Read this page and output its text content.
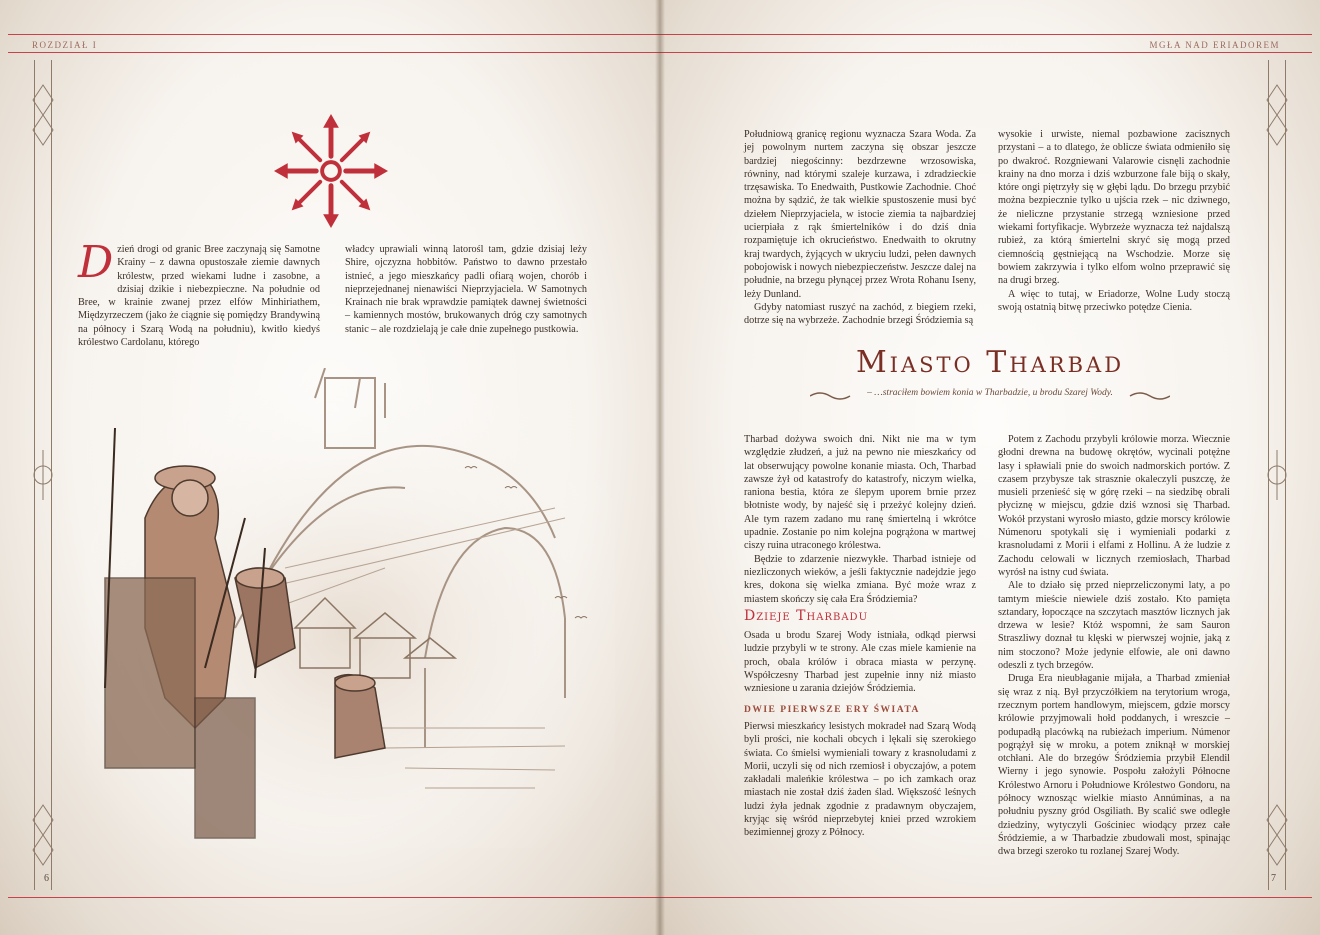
ROZDZIAŁ I

Dzień drogi od granic Bree zaczynają się Samotne Krainy – z dawna opustoszałe ziemie dawnych królestw, przed wiekami ludne i zasobne, a dzisiaj dzikie i niebezpieczne. Na południe od Bree, w krainie zwanej przez elfów Minhiriathem, Międzyrzeczem (jako że ciągnie się pomiędzy Brandywiną na północy i Szarą Wodą na południu), kwitło kiedyś królestwo Cardolanu, którego

władcy uprawiali winną latorośl tam, gdzie dzisiaj leży Shire, ojczyzna hobbitów. Państwo to dawno przestało istnieć, a jego mieszkańcy padli ofiarą wojen, chorób i nieprzejednanej nienawiści Nieprzyjaciela. W Samotnych Krainach nie brak wprawdzie pamiątek dawnej świetności – kamiennych mostów, brukowanych dróg czy samotnych stanic – ale rozdzielają je całe dnie zupełnego pustkowia.

6
MGŁA NAD ERIADOREM

Południową granicę regionu wyznacza Szara Woda. Za jej powolnym nurtem zaczyna się obszar jeszcze bardziej niegościnny: bezdrzewne wrzosowiska, równiny, nad którymi szaleje kurzawa, i zdradzieckie trzęsawiska. To Enedwaith, Pustkowie Zachodnie. Choć można by sądzić, że tak wielkie spustoszenie musi być dziełem Nieprzyjaciela, w istocie ziemia ta najbardziej ucierpiała z rąk śmiertelników i do dziś dnia rozpamiętuje ich okrucieństwo. Enedwaith to okrutny kraj twardych, żyjących w ukryciu ludzi, pełen dawnych pobojowisk i nowych niebezpieczeństw. Jeszcze dalej na południe, na brzegu płynącej przez Wrota Rohanu Iseny, leży Dunland.

Gdyby natomiast ruszyć na zachód, z biegiem rzeki, dotrze się na wybrzeże. Zachodnie brzegi Śródziemia są

wysokie i urwiste, niemal pozbawione zacisznych przystani – a to dlatego, że oblicze świata odmieniło się po dwakroć. Rozgniewani Valarowie cisnęli zachodnie krainy na dno morza i dziś wzburzone fale biją o skały, które ongi piętrzyły się w głębi lądu. Do brzegu przybić można bezpiecznie tylko u ujścia rzek – nic dziwnego, że nieliczne przystanie strzegą wzniesione przed wiekami fortyfikacje. Wybrzeże wyznacza też najdalszą rubież, za którą śmiertelni skryć się mogą przed ciemnością gęstniejącą na Wschodzie. Morze się bowiem zakrzywia i tylko elfom wolno przeprawić się na drugi brzeg.

A więc to tutaj, w Eriadorze, Wolne Ludy stoczą swoją ostatnią bitwę przeciwko potędze Cienia.

Miasto Tharbad
– …straciłem bowiem konia w Tharbadzie, u brodu Szarej Wody.

Tharbad dożywa swoich dni. Nikt nie ma w tym względzie złudzeń, a już na pewno nie mieszkańcy od lat obserwujący powolne konanie miasta. Och, Tharbad zawsze żył od katastrofy do katastrofy, niczym wielka, raniona bestia, która ze ślepym uporem brnie przez błotniste wody, by najeść się i przeżyć kolejny dzień. Ale tym razem zadano mu ranę śmiertelną i wkrótce upadnie. Zostanie po nim kolejna pogrążona w martwej ciszy ruina utraconego królestwa.

Będzie to zdarzenie niezwykłe. Tharbad istnieje od niezliczonych wieków, a jeśli faktycznie nadejdzie jego kres, dokona się wielka zmiana. Być może wraz z miastem skończy się cała Era Śródziemia?

Dzieje Tharbadu

Osada u brodu Szarej Wody istniała, odkąd pierwsi ludzie przybyli w te strony. Ale czas miele kamienie na proch, obala królów i obraca miasta w perzynę. Współczesny Tharbad jest zupełnie inny niż miasto wzniesione u zarania dziejów Śródziemia.

DWIE PIERWSZE ERY ŚWIATA

Pierwsi mieszkańcy lesistych mokradeł nad Szarą Wodą byli prości, nie kochali obcych i lękali się szerokiego świata. Co śmielsi wymieniali towary z krasnoludami z Morii, uczyli się od nich rzemiosł i obyczajów, a potem zakładali maleńkie królestwa – po ich zamkach oraz miastach nie został dziś żaden ślad. Większość leśnych ludzi żyła jednak zgodnie z pradawnym obyczajem, kryjąc się wśród nieprzebytej kniei przed wzrokiem bezimiennej grozy z Północy.

Potem z Zachodu przybyli królowie morza. Wiecznie głodni drewna na budowę okrętów, wycinali potężne lasy i spławiali pnie do swoich nadmorskich portów. Z czasem przybysze tak strasznie okaleczyli puszczę, że musieli przenieść się w górę rzeki – na siedzibę obrali płyciznę w miejscu, gdzie dziś wznosi się Tharbad. Wokół przystani wyrosło miasto, gdzie morscy królowie Númenoru spotykali się i wymieniali podarki z krasnoludami z Morii i elfami z Hollinu. A że ludzie z Zachodu celowali w licznych rzemiosłach, Tharbad wyrósł na istny cud świata.

Ale to działo się przed nieprzeliczonymi laty, a po tamtym mieście niewiele dziś zostało. Kto pamięta sztandary, łopoczące na szczytach masztów licznych jak drzewa w lesie? Któż wspomni, że sam Sauron Straszliwy doznał tu klęski w pierwszej wojnie, jaką z nim stoczono? Może jedynie elfowie, ale oni dawno odeszli z tych brzegów.

Druga Era nieubłaganie mijała, a Tharbad zmieniał się wraz z nią. Był przyczółkiem na terytorium wroga, rzecznym portem handlowym, miejscem, gdzie morscy królowie przyjmowali hołd poddanych, i wreszcie – podupadłą placówką na rubieżach imperium. Númenor pogrążył się w mroku, a potem zniknął w morskiej otchłani. Ale do brzegów Śródziemia przybił Elendil Wierny i jego synowie. Pospołu założyli Północne Królestwo Arnoru i Południowe Królestwo Gondoru, na północy wznosząc wielkie miasto Annúminas, a na południu pyszny gród Osgiliath. By scalić swe odległe dziedziny, wytyczyli Gościniec wiodący przez całe Śródziemie, a w Tharbadzie zbudowali most, spinając dwa brzegi szeroko tu rozlanej Szarej Wody.

7
